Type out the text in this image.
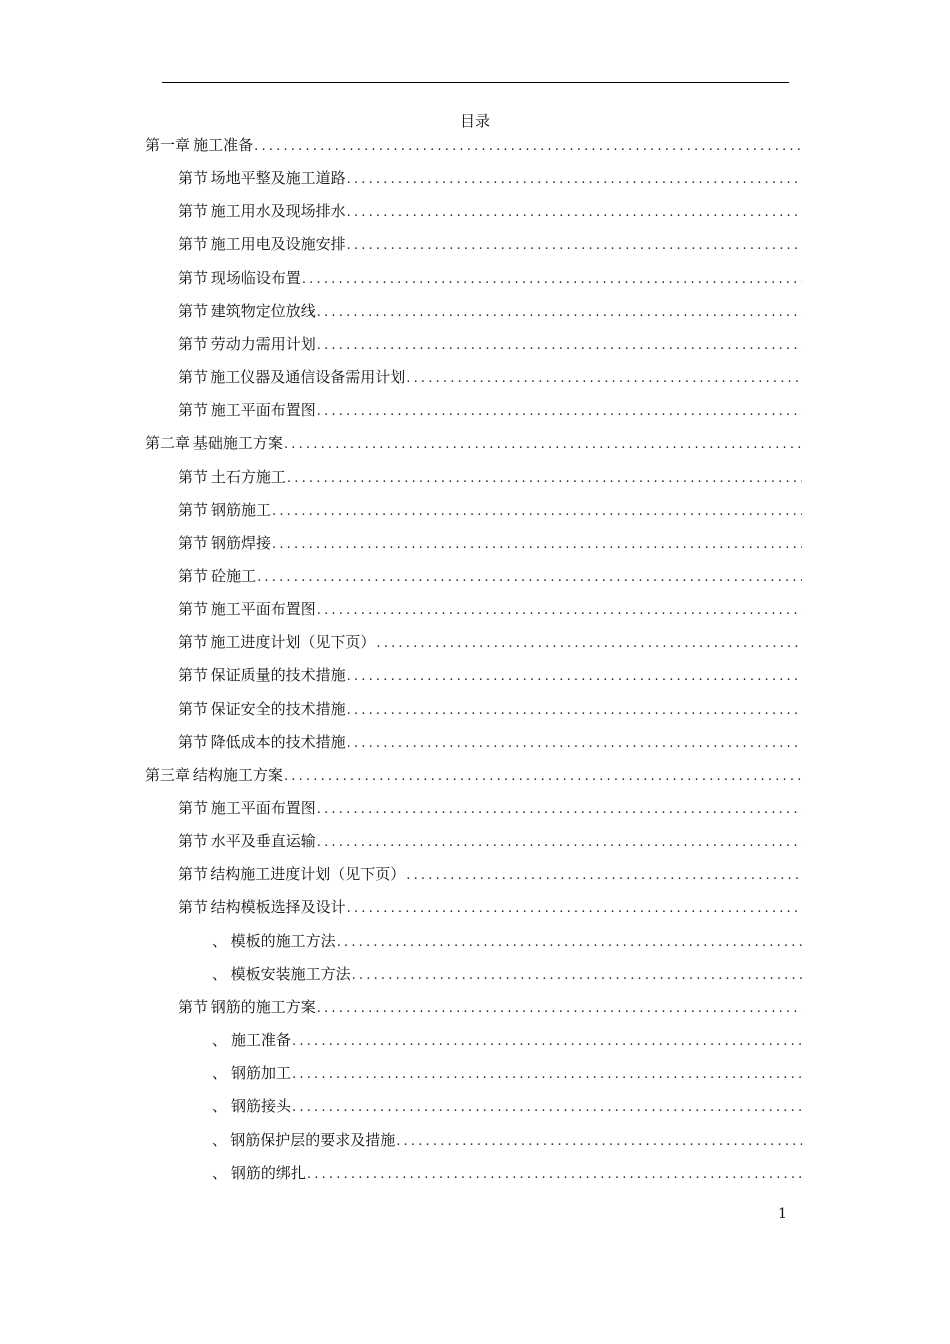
目录
第一章 施工准备
.....
第节 场地平整及施工道路
.....
第节 施工用水及现场排水
.....
第节 施工用电及设施安排
.....
第节 现场临设布置
.....
第节 建筑物定位放线
.....
第节 劳动力需用计划
.....
第节 施工仪器及通信设备需用计划
.....
第节 施工平面布置图
.....
第二章 基础施工方案
.....
第节 土石方施工
.....
第节 钢筋施工
.....
第节 钢筋焊接
.....
第节 砼施工
.....
第节 施工平面布置图
.....
第节 施工进度计划（见下页）
.....
第节 保证质量的技术措施
.....
第节 保证安全的技术措施
.....
第节 降低成本的技术措施
.....
第三章 结构施工方案
.....
第节 施工平面布置图
.....
第节 水平及垂直运输
.....
第节 结构施工进度计划（见下页）
.....
第节 结构模板选择及设计
.....
、 模板的施工方法
.....
、 模板安装施工方法
.....
第节 钢筋的施工方案
.....
、 施工准备
.....
、 钢筋加工
.....
、 钢筋接头
.....
、 钢筋保护层的要求及措施
.....
、 钢筋的绑扎
.....
1
